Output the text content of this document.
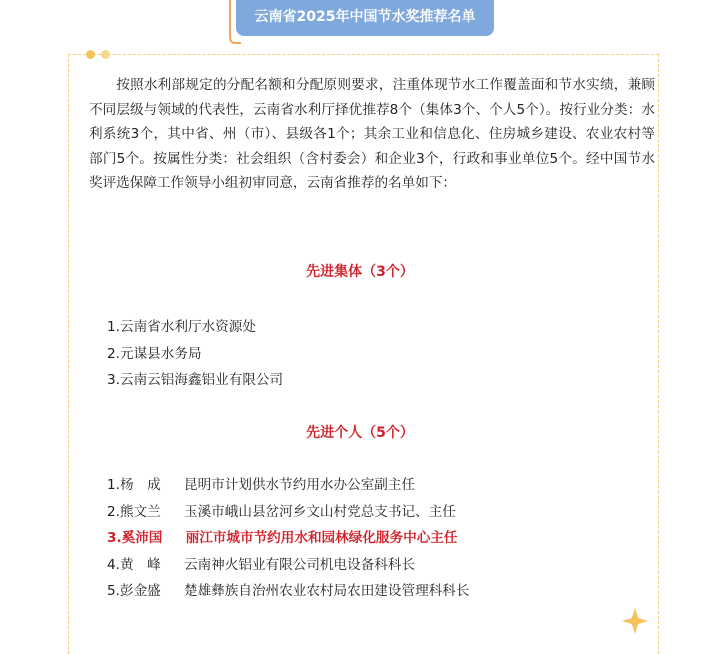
云南省2025年中国节水奖推荐名单

按照水利部规定的分配名额和分配原则要求，注重体现节水工作覆盖面和节水实绩，兼顾不同层级与领域的代表性，云南省水利厅择优推荐8个（集体3个、个人5个）。按行业分类：水利系统3个，其中省、州（市）、县级各1个；其余工业和信息化、住房城乡建设、农业农村等部门5个。按属性分类：社会组织（含村委会）和企业3个，行政和事业单位5个。经中国节水奖评选保障工作领导小组初审同意，云南省推荐的名单如下：

先进集体（3个）
1.云南省水利厅水资源处
2.元谋县水务局
3.云南云铝海鑫铝业有限公司
先进个人（5个）
1.杨　成 昆明市计划供水节约用水办公室副主任
2.熊文兰 玉溪市峨山县岔河乡文山村党总支书记、主任
3.奚沛国 丽江市城市节约用水和园林绿化服务中心主任
4.黄　峰 云南神火铝业有限公司机电设备科科长
5.彭金盛 楚雄彝族自治州农业农村局农田建设管理科科长
